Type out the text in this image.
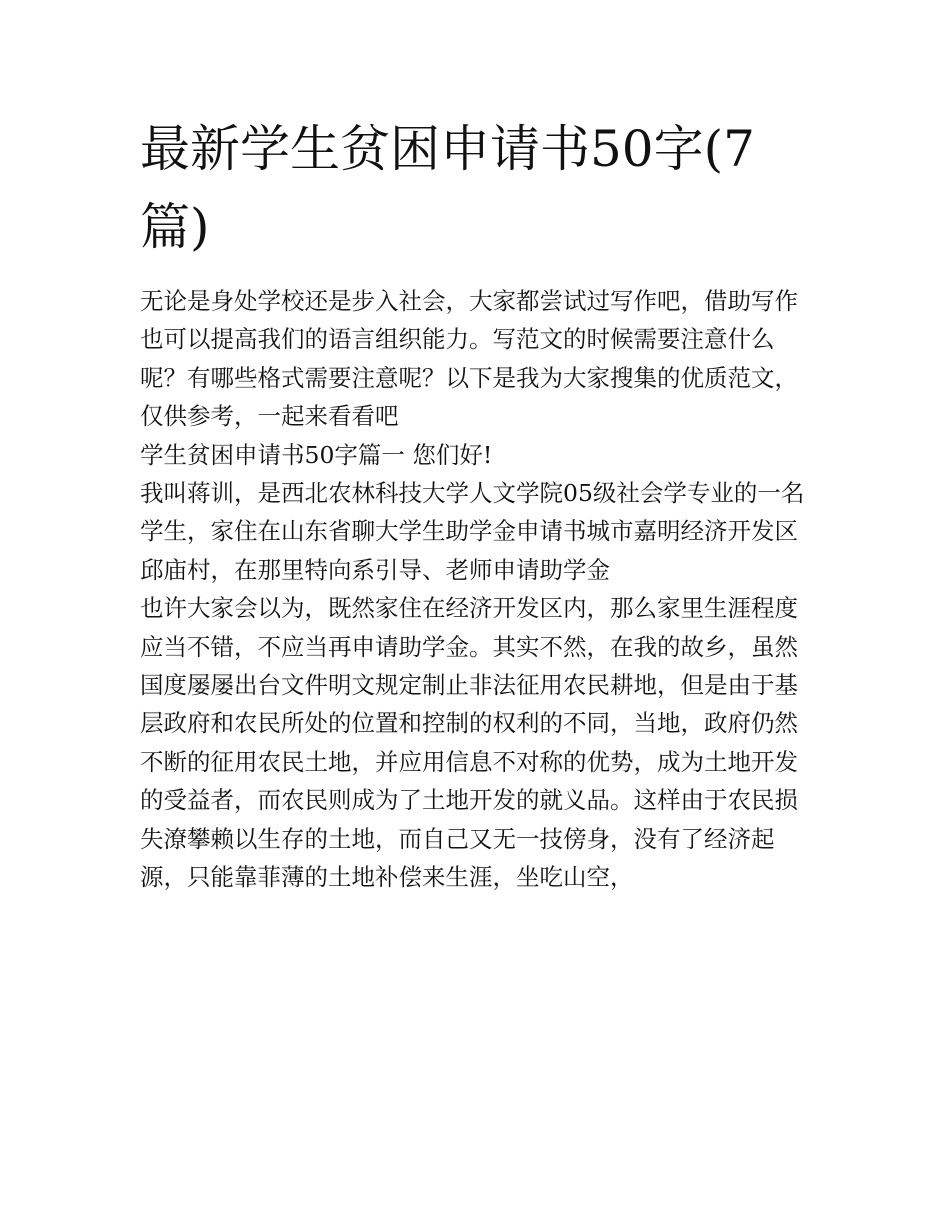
最新学生贫困申请书50字(7篇)

无论是身处学校还是步入社会，大家都尝试过写作吧，借助写作也可以提高我们的语言组织能力。写范文的时候需要注意什么呢？有哪些格式需要注意呢？以下是我为大家搜集的优质范文，仅供参考，一起来看看吧

学生贫困申请书50字篇一 您们好!

我叫蒋训，是西北农林科技大学人文学院05级社会学专业的一名学生，家住在山东省聊大学生助学金申请书城市嘉明经济开发区邱庙村，在那里特向系引导、老师申请助学金

也许大家会以为，既然家住在经济开发区内，那么家里生涯程度应当不错，不应当再申请助学金。其实不然，在我的故乡，虽然国度屡屡出台文件明文规定制止非法征用农民耕地，但是由于基层政府和农民所处的位置和控制的权利的不同，当地，政府仍然不断的征用农民土地，并应用信息不对称的优势，成为土地开发的受益者，而农民则成为了土地开发的就义品。这样由于农民损失潦攀赖以生存的土地，而自己又无一技傍身，没有了经济起源，只能靠菲薄的土地补偿来生涯，坐吃山空，
